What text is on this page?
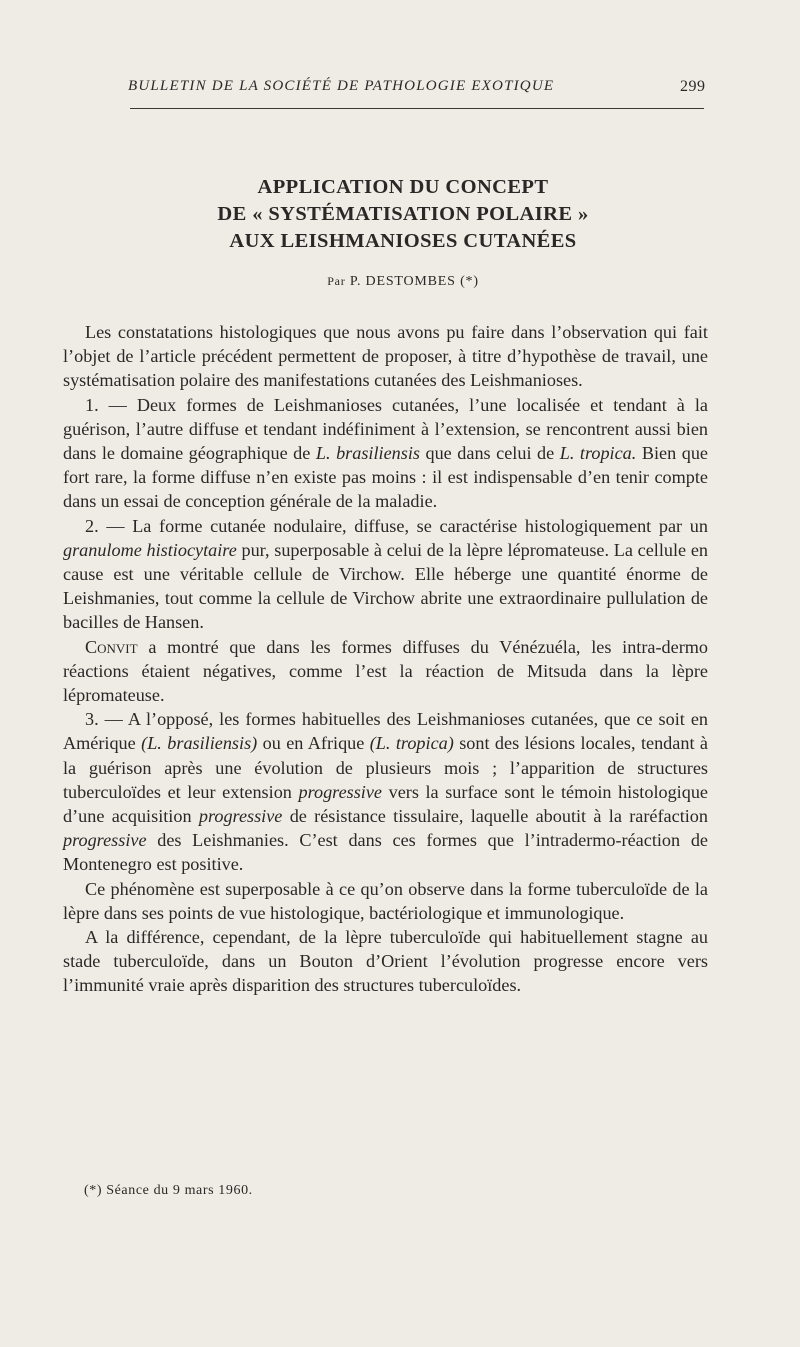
BULLETIN DE LA SOCIÉTÉ DE PATHOLOGIE EXOTIQUE	299
APPLICATION DU CONCEPT
DE « SYSTÉMATISATION POLAIRE »
AUX LEISHMANIOSES CUTANÉES
Par P. DESTOMBES (*)

Les constatations histologiques que nous avons pu faire dans l’observation qui fait l’objet de l’article précédent permettent de proposer, à titre d’hypothèse de travail, une systématisation polaire des manifestations cutanées des Leishmanioses.

1. — Deux formes de Leishmanioses cutanées, l’une localisée et tendant à la guérison, l’autre diffuse et tendant indéfiniment à l’extension, se rencontrent aussi bien dans le domaine géographique de L. brasiliensis que dans celui de L. tropica. Bien que fort rare, la forme diffuse n’en existe pas moins : il est indispensable d’en tenir compte dans un essai de conception générale de la maladie.

2. — La forme cutanée nodulaire, diffuse, se caractérise histologiquement par un granulome histiocytaire pur, superposable à celui de la lèpre lépromateuse. La cellule en cause est une véritable cellule de Virchow. Elle héberge une quantité énorme de Leishmanies, tout comme la cellule de Virchow abrite une extraordinaire pullulation de bacilles de Hansen.

Convit a montré que dans les formes diffuses du Vénézuéla, les intra-dermo réactions étaient négatives, comme l’est la réaction de Mitsuda dans la lèpre lépromateuse.

3. — A l’opposé, les formes habituelles des Leishmanioses cutanées, que ce soit en Amérique (L. brasiliensis) ou en Afrique (L. tropica) sont des lésions locales, tendant à la guérison après une évolution de plusieurs mois ; l’apparition de structures tuberculoïdes et leur extension progressive vers la surface sont le témoin histologique d’une acquisition progressive de résistance tissulaire, laquelle aboutit à la raréfaction progressive des Leishmanies. C’est dans ces formes que l’intradermo-réaction de Montenegro est positive.

Ce phénomène est superposable à ce qu’on observe dans la forme tuberculoïde de la lèpre dans ses points de vue histologique, bactériologique et immunologique.

A la différence, cependant, de la lèpre tuberculoïde qui habituellement stagne au stade tuberculoïde, dans un Bouton d’Orient l’évolution progresse encore vers l’immunité vraie après disparition des structures tuberculoïdes.

(*) Séance du 9 mars 1960.
